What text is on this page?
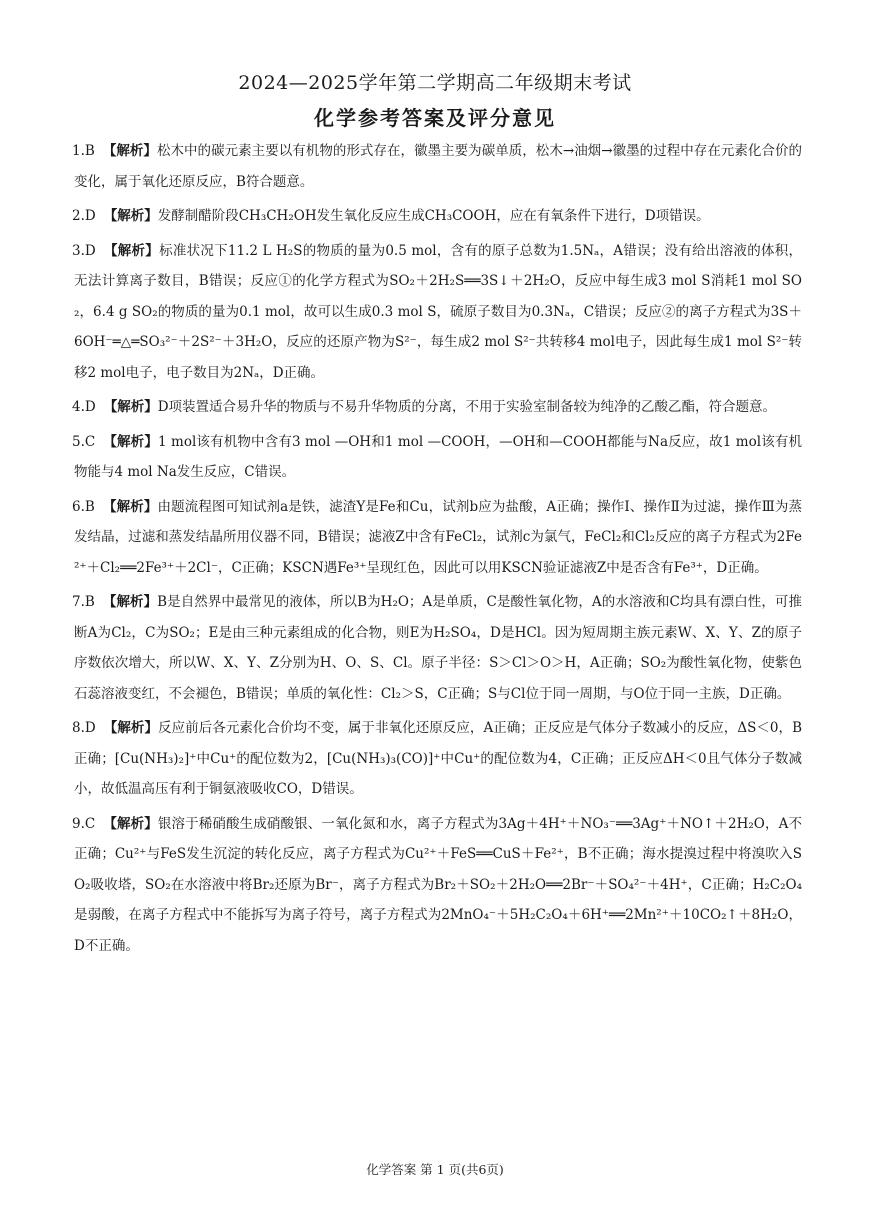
2024—2025学年第二学期高二年级期末考试
化学参考答案及评分意见

1.B 【解析】松木中的碳元素主要以有机物的形式存在，徽墨主要为碳单质，松木→油烟→徽墨的过程中存在元素化合价的变化，属于氧化还原反应，B符合题意。

2.D 【解析】发酵制醋阶段CH₃CH₂OH发生氧化反应生成CH₃COOH，应在有氧条件下进行，D项错误。

3.D 【解析】标准状况下11.2 L H₂S的物质的量为0.5 mol，含有的原子总数为1.5Nₐ，A错误；没有给出溶液的体积，无法计算离子数目，B错误；反应①的化学方程式为SO₂＋2H₂S══3S↓＋2H₂O，反应中每生成3 mol S消耗1 mol SO₂，6.4 g SO₂的物质的量为0.1 mol，故可以生成0.3 mol S，硫原子数目为0.3Nₐ，C错误；反应②的离子方程式为3S＋6OH⁻═△═SO₃²⁻＋2S²⁻＋3H₂O，反应的还原产物为S²⁻，每生成2 mol S²⁻共转移4 mol电子，因此每生成1 mol S²⁻转移2 mol电子，电子数目为2Nₐ，D正确。

4.D 【解析】D项装置适合易升华的物质与不易升华物质的分离，不用于实验室制备较为纯净的乙酸乙酯，符合题意。

5.C 【解析】1 mol该有机物中含有3 mol —OH和1 mol —COOH，—OH和—COOH都能与Na反应，故1 mol该有机物能与4 mol Na发生反应，C错误。

6.B 【解析】由题流程图可知试剂a是铁，滤渣Y是Fe和Cu，试剂b应为盐酸，A正确；操作Ⅰ、操作Ⅱ为过滤，操作Ⅲ为蒸发结晶，过滤和蒸发结晶所用仪器不同，B错误；滤液Z中含有FeCl₂，试剂c为氯气，FeCl₂和Cl₂反应的离子方程式为2Fe²⁺＋Cl₂══2Fe³⁺＋2Cl⁻，C正确；KSCN遇Fe³⁺呈现红色，因此可以用KSCN验证滤液Z中是否含有Fe³⁺，D正确。

7.B 【解析】B是自然界中最常见的液体，所以B为H₂O；A是单质，C是酸性氧化物，A的水溶液和C均具有漂白性，可推断A为Cl₂，C为SO₂；E是由三种元素组成的化合物，则E为H₂SO₄，D是HCl。因为短周期主族元素W、X、Y、Z的原子序数依次增大，所以W、X、Y、Z分别为H、O、S、Cl。原子半径：S＞Cl＞O＞H，A正确；SO₂为酸性氧化物，使紫色石蕊溶液变红，不会褪色，B错误；单质的氧化性：Cl₂＞S，C正确；S与Cl位于同一周期，与O位于同一主族，D正确。

8.D 【解析】反应前后各元素化合价均不变，属于非氧化还原反应，A正确；正反应是气体分子数减小的反应，ΔS＜0，B正确；[Cu(NH₃)₂]⁺中Cu⁺的配位数为2，[Cu(NH₃)₃(CO)]⁺中Cu⁺的配位数为4，C正确；正反应ΔH＜0且气体分子数减小，故低温高压有利于铜氨液吸收CO，D错误。

9.C 【解析】银溶于稀硝酸生成硝酸银、一氧化氮和水，离子方程式为3Ag＋4H⁺＋NO₃⁻══3Ag⁺＋NO↑＋2H₂O，A不正确；Cu²⁺与FeS发生沉淀的转化反应，离子方程式为Cu²⁺＋FeS══CuS＋Fe²⁺，B不正确；海水提溴过程中将溴吹入SO₂吸收塔，SO₂在水溶液中将Br₂还原为Br⁻，离子方程式为Br₂＋SO₂＋2H₂O══2Br⁻＋SO₄²⁻＋4H⁺，C正确；H₂C₂O₄是弱酸，在离子方程式中不能拆写为离子符号，离子方程式为2MnO₄⁻＋5H₂C₂O₄＋6H⁺══2Mn²⁺＋10CO₂↑＋8H₂O，D不正确。

化学答案 第 1 页(共6页)
